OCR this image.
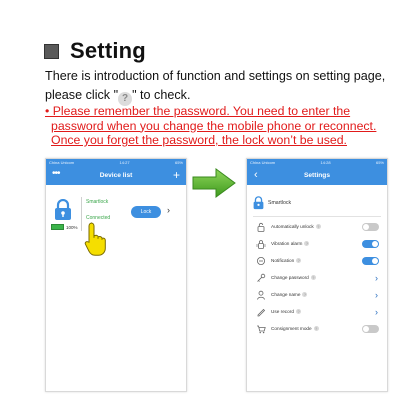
Setting
There is introduction of function and settings on setting page, please click " ? " to check.
• Please remember the password. You need to enter the
password when you change the mobile phone or reconnect.
Once you forget the password, the lock won’t be used.
China Unicom	14:27	65%
•••	Device list	+
100%
Smartlock
Connected
Lock	›
China Unicom	14:28	65%
‹	Settings
Smartlock
Automatically unlock ?
Vibration alarm ?
Notification ?
Change password ?	›
Change name ?	›
Use record ?	›
Consignment mode ?
